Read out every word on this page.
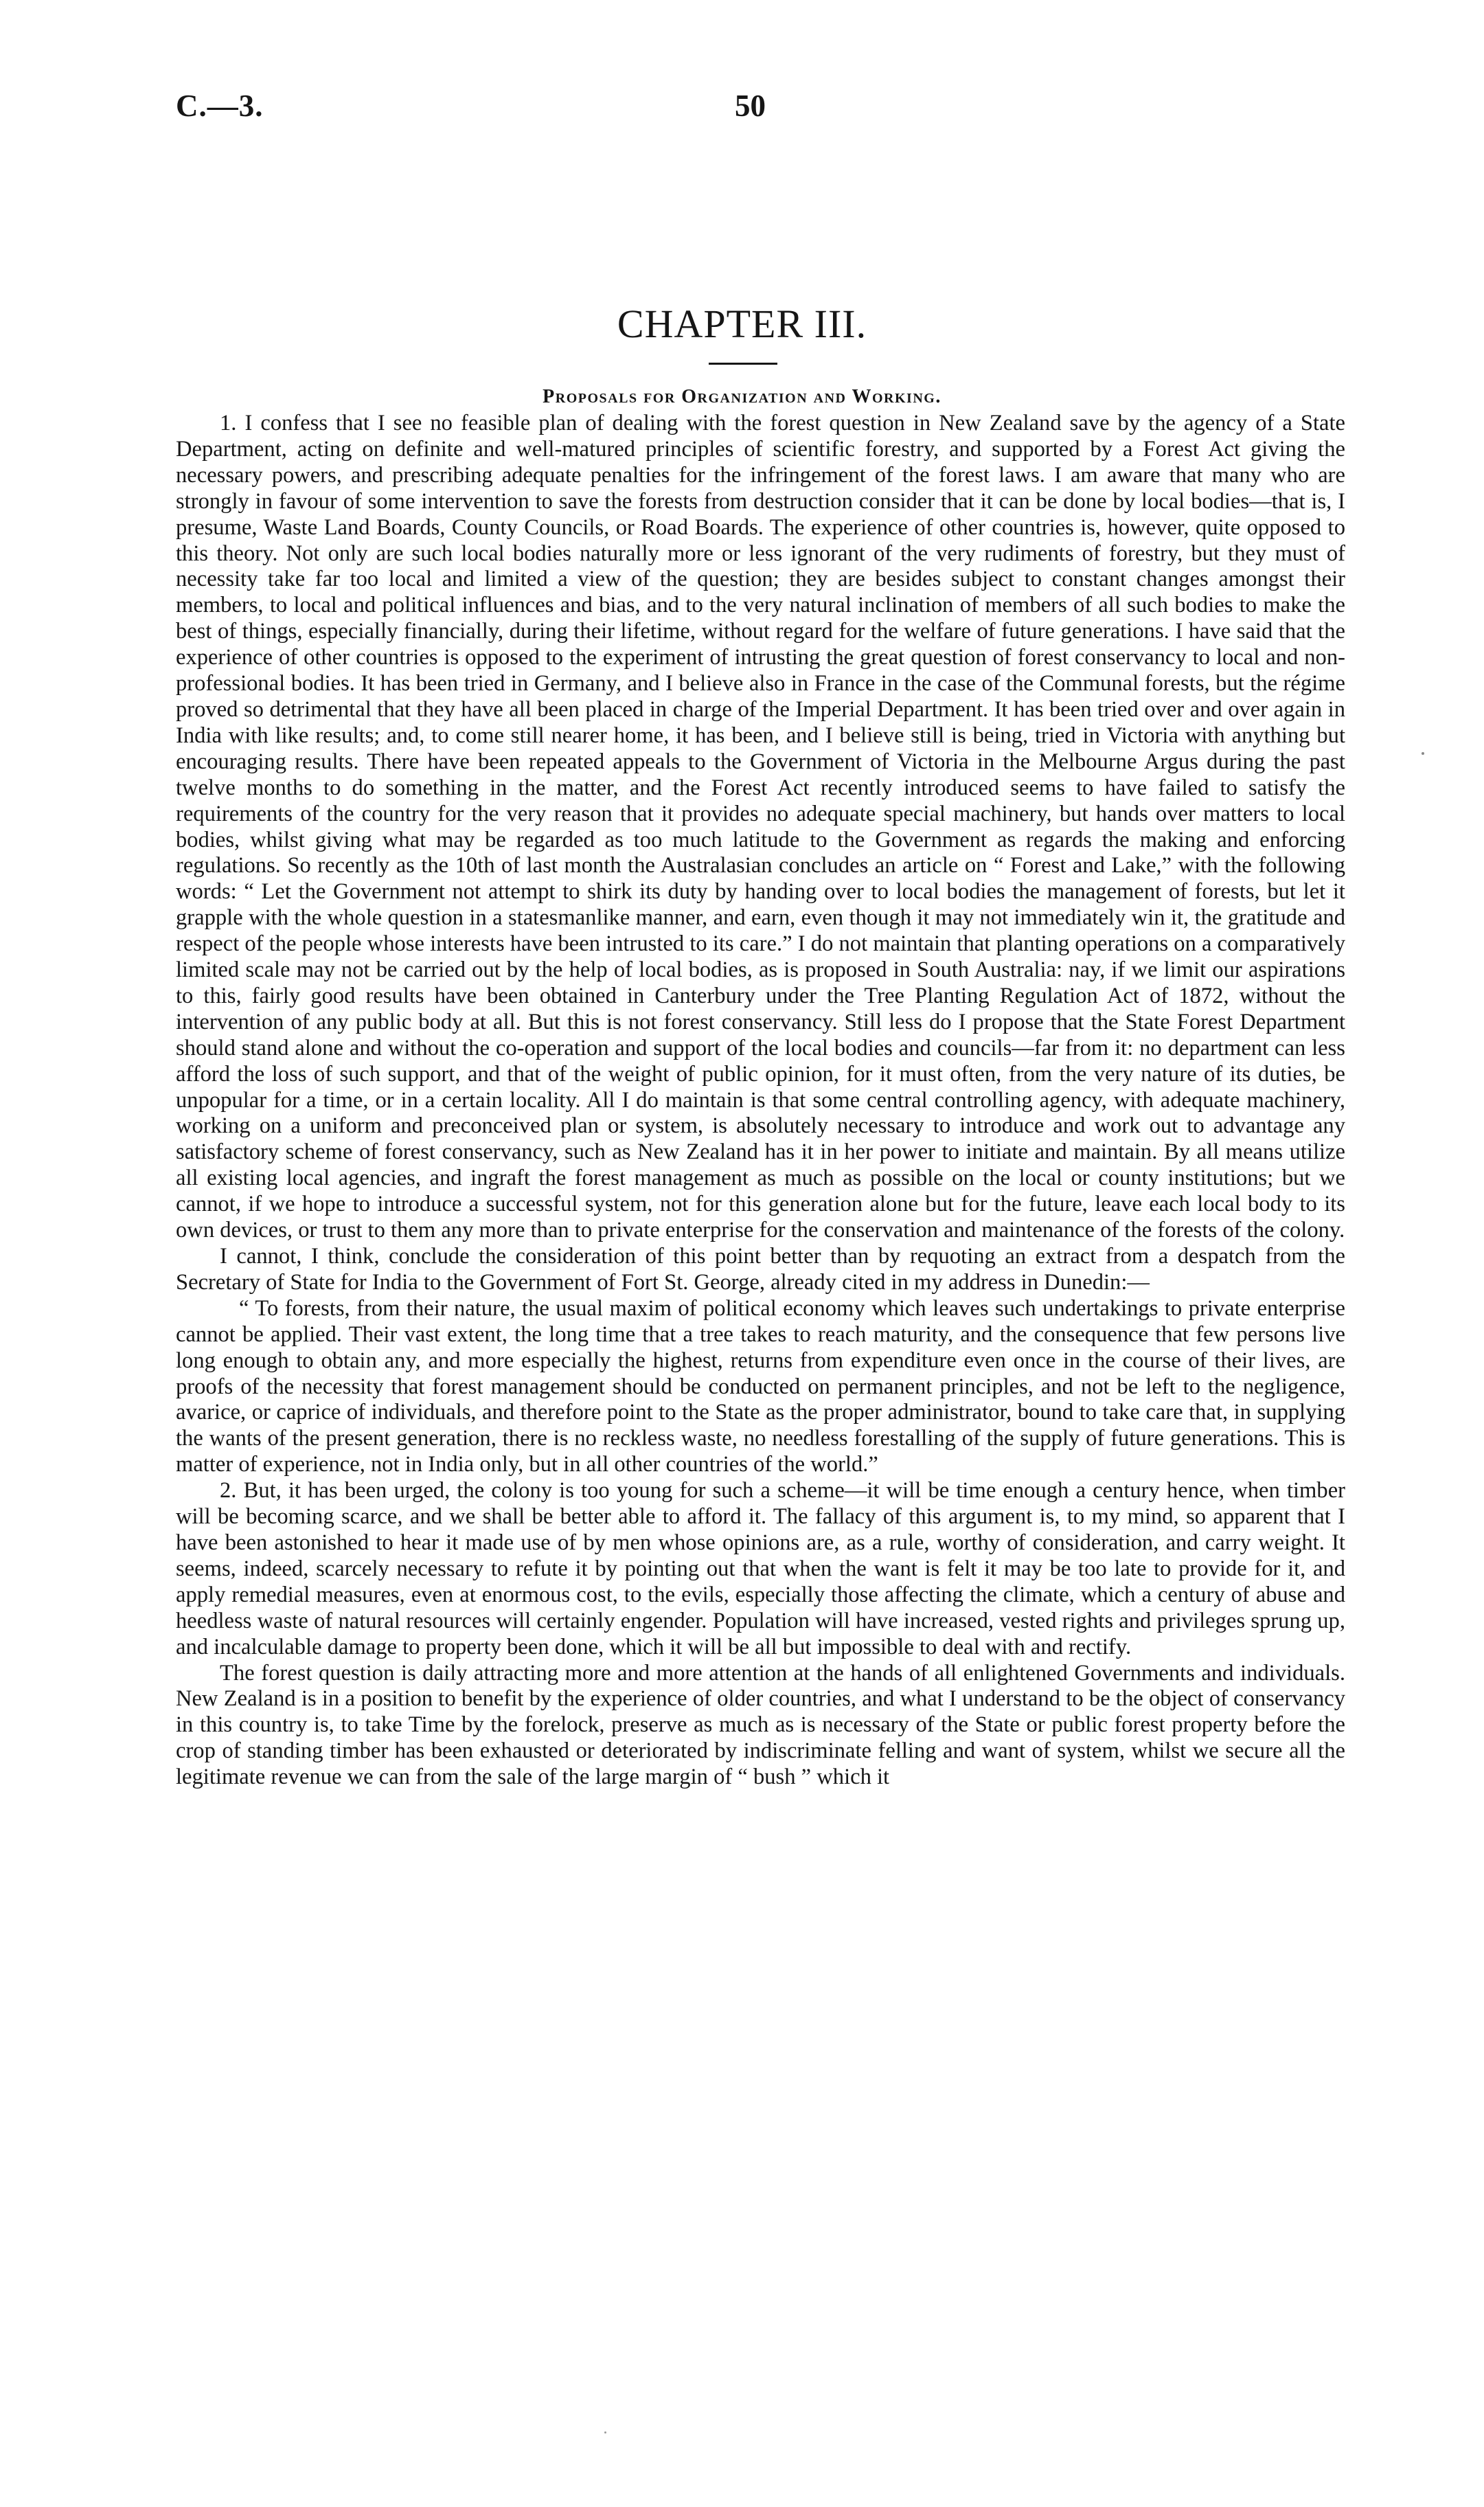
C.—3.	50
CHAPTER III.
Proposals for Organization and Working.

1. I confess that I see no feasible plan of dealing with the forest question in New Zealand save by the agency of a State Department, acting on definite and well-matured principles of scientific forestry, and supported by a Forest Act giving the necessary powers, and prescribing adequate penalties for the infringement of the forest laws. I am aware that many who are strongly in favour of some intervention to save the forests from destruction consider that it can be done by local bodies—that is, I presume, Waste Land Boards, County Councils, or Road Boards. The experience of other countries is, however, quite opposed to this theory. Not only are such local bodies naturally more or less ignorant of the very rudiments of forestry, but they must of necessity take far too local and limited a view of the question; they are besides subject to constant changes amongst their members, to local and political influences and bias, and to the very natural inclination of members of all such bodies to make the best of things, especially financially, during their lifetime, without regard for the welfare of future generations. I have said that the experience of other countries is opposed to the experiment of intrusting the great question of forest conservancy to local and non-professional bodies. It has been tried in Germany, and I believe also in France in the case of the Communal forests, but the régime proved so detrimental that they have all been placed in charge of the Imperial Department. It has been tried over and over again in India with like results; and, to come still nearer home, it has been, and I believe still is being, tried in Victoria with anything but encouraging results. There have been repeated appeals to the Government of Victoria in the Melbourne Argus during the past twelve months to do something in the matter, and the Forest Act recently introduced seems to have failed to satisfy the requirements of the country for the very reason that it provides no adequate special machinery, but hands over matters to local bodies, whilst giving what may be regarded as too much latitude to the Government as regards the making and enforcing regulations. So recently as the 10th of last month the Australasian concludes an article on “ Forest and Lake,” with the following words: “ Let the Government not attempt to shirk its duty by handing over to local bodies the management of forests, but let it grapple with the whole question in a statesmanlike manner, and earn, even though it may not immediately win it, the gratitude and respect of the people whose interests have been intrusted to its care.” I do not maintain that planting operations on a comparatively limited scale may not be carried out by the help of local bodies, as is proposed in South Australia: nay, if we limit our aspirations to this, fairly good results have been obtained in Canterbury under the Tree Planting Regulation Act of 1872, without the intervention of any public body at all. But this is not forest conservancy. Still less do I propose that the State Forest Department should stand alone and without the co-operation and support of the local bodies and councils—far from it: no department can less afford the loss of such support, and that of the weight of public opinion, for it must often, from the very nature of its duties, be unpopular for a time, or in a certain locality. All I do maintain is that some central controlling agency, with adequate machinery, working on a uniform and preconceived plan or system, is absolutely necessary to introduce and work out to advantage any satisfactory scheme of forest conservancy, such as New Zealand has it in her power to initiate and maintain. By all means utilize all existing local agencies, and ingraft the forest management as much as possible on the local or county institutions; but we cannot, if we hope to introduce a successful system, not for this generation alone but for the future, leave each local body to its own devices, or trust to them any more than to private enterprise for the conservation and maintenance of the forests of the colony.

I cannot, I think, conclude the consideration of this point better than by requoting an extract from a despatch from the Secretary of State for India to the Government of Fort St. George, already cited in my address in Dunedin:—

“ To forests, from their nature, the usual maxim of political economy which leaves such undertakings to private enterprise cannot be applied. Their vast extent, the long time that a tree takes to reach maturity, and the consequence that few persons live long enough to obtain any, and more especially the highest, returns from expenditure even once in the course of their lives, are proofs of the necessity that forest management should be conducted on permanent principles, and not be left to the negligence, avarice, or caprice of individuals, and therefore point to the State as the proper administrator, bound to take care that, in supplying the wants of the present generation, there is no reckless waste, no needless forestalling of the supply of future generations. This is matter of experience, not in India only, but in all other countries of the world.”

2. But, it has been urged, the colony is too young for such a scheme—it will be time enough a century hence, when timber will be becoming scarce, and we shall be better able to afford it. The fallacy of this argument is, to my mind, so apparent that I have been astonished to hear it made use of by men whose opinions are, as a rule, worthy of consideration, and carry weight. It seems, indeed, scarcely necessary to refute it by pointing out that when the want is felt it may be too late to provide for it, and apply remedial measures, even at enormous cost, to the evils, especially those affecting the climate, which a century of abuse and heedless waste of natural resources will certainly engender. Population will have increased, vested rights and privileges sprung up, and incalculable damage to property been done, which it will be all but impossible to deal with and rectify.

The forest question is daily attracting more and more attention at the hands of all enlightened Governments and individuals. New Zealand is in a position to benefit by the experience of older countries, and what I understand to be the object of conservancy in this country is, to take Time by the forelock, preserve as much as is necessary of the State or public forest property before the crop of standing timber has been exhausted or deteriorated by indiscriminate felling and want of system, whilst we secure all the legitimate revenue we can from the sale of the large margin of “ bush ” which it
